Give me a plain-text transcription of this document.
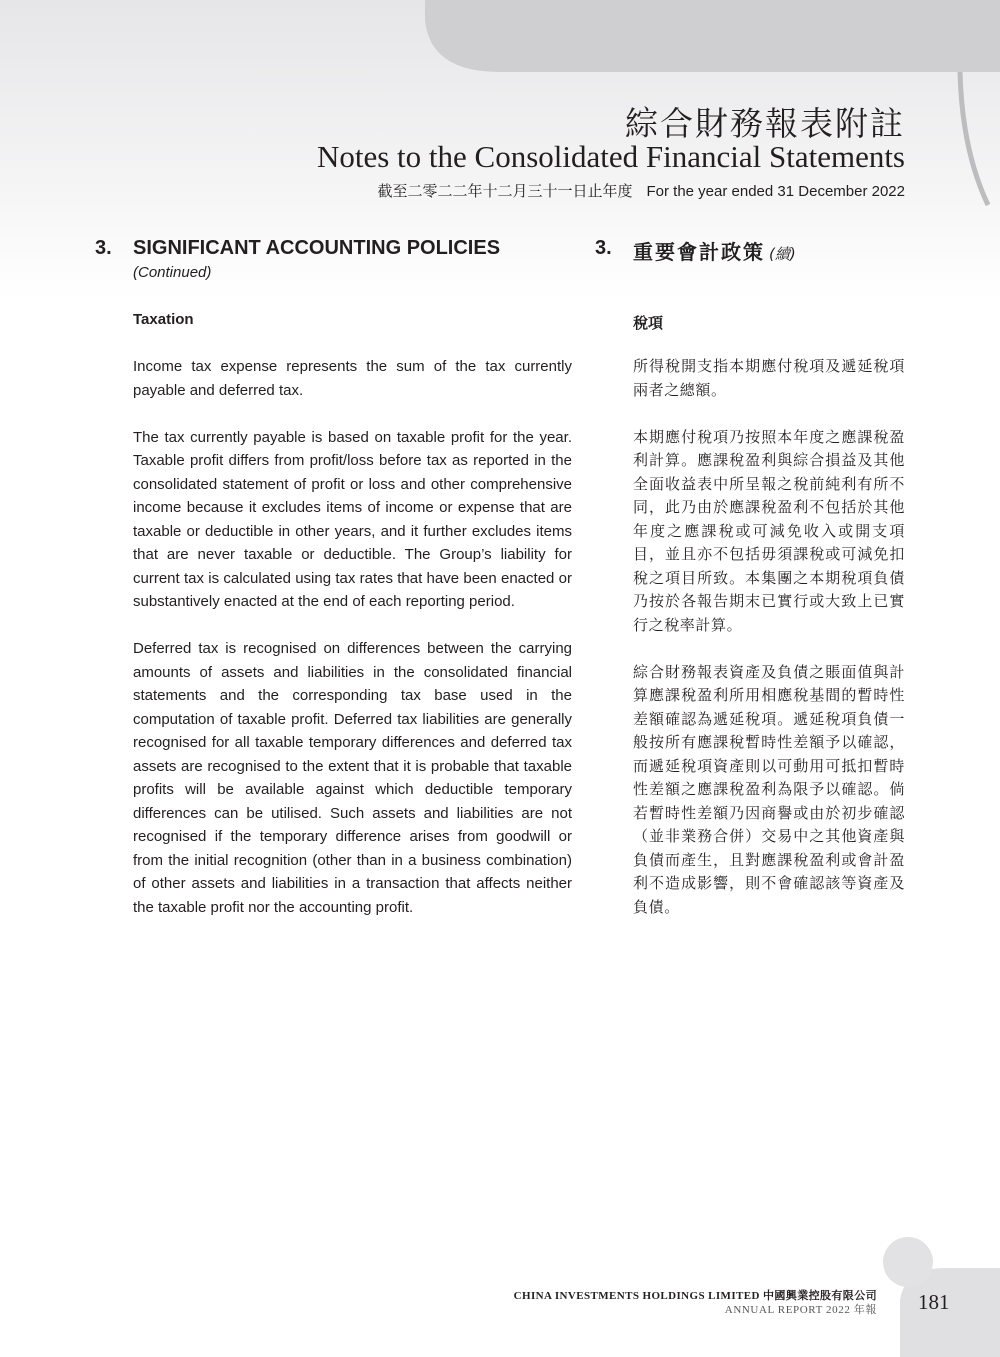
綜合財務報表附註
Notes to the Consolidated Financial Statements
截至二零二二年十二月三十一日止年度 For the year ended 31 December 2022
3. SIGNIFICANT ACCOUNTING POLICIES
(Continued)
Taxation

Income tax expense represents the sum of the tax currently payable and deferred tax.

The tax currently payable is based on taxable profit for the year. Taxable profit differs from profit/loss before tax as reported in the consolidated statement of profit or loss and other comprehensive income because it excludes items of income or expense that are taxable or deductible in other years, and it further excludes items that are never taxable or deductible. The Group’s liability for current tax is calculated using tax rates that have been enacted or substantively enacted at the end of each reporting period.

Deferred tax is recognised on differences between the carrying amounts of assets and liabilities in the consolidated financial statements and the corresponding tax base used in the computation of taxable profit. Deferred tax liabilities are generally recognised for all taxable temporary differences and deferred tax assets are recognised to the extent that it is probable that taxable profits will be available against which deductible temporary differences can be utilised. Such assets and liabilities are not recognised if the temporary difference arises from goodwill or from the initial recognition (other than in a business combination) of other assets and liabilities in a transaction that affects neither the taxable profit nor the accounting profit.

3. 重要會計政策 (續)
稅項

所得稅開支指本期應付稅項及遞延稅項兩者之總額。

本期應付稅項乃按照本年度之應課稅盈利計算。應課稅盈利與綜合損益及其他全面收益表中所呈報之稅前純利有所不同，此乃由於應課稅盈利不包括於其他年度之應課稅或可減免收入或開支項目，並且亦不包括毋須課稅或可減免扣稅之項目所致。本集團之本期稅項負債乃按於各報告期末已實行或大致上已實行之稅率計算。

綜合財務報表資產及負債之賬面值與計算應課稅盈利所用相應稅基間的暫時性差額確認為遞延稅項。遞延稅項負債一般按所有應課稅暫時性差額予以確認，而遞延稅項資產則以可動用可抵扣暫時性差額之應課稅盈利為限予以確認。倘若暫時性差額乃因商譽或由於初步確認（並非業務合併）交易中之其他資產與負債而產生，且對應課稅盈利或會計盈利不造成影響，則不會確認該等資產及負債。

CHINA INVESTMENTS HOLDINGS LIMITED 中國興業控股有限公司
ANNUAL REPORT 2022 年報 181
